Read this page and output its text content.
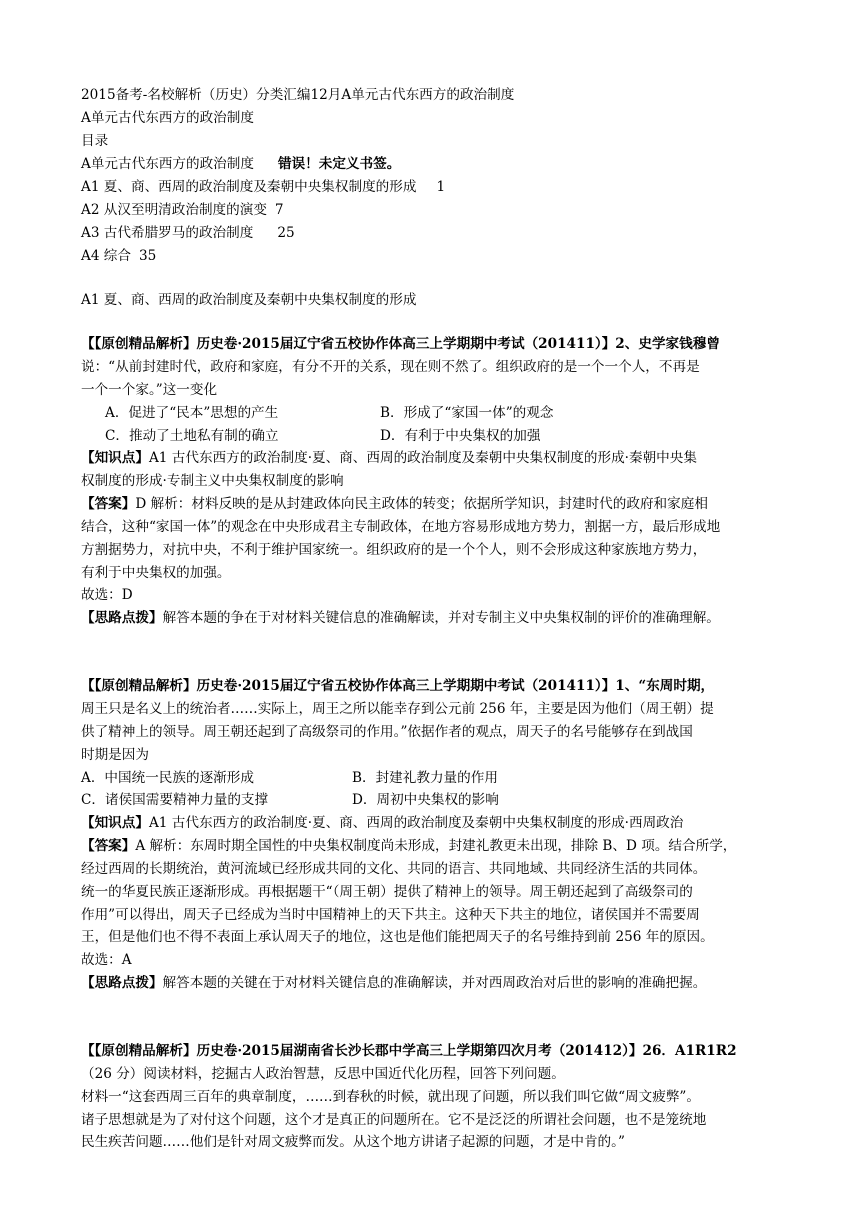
2015备考-名校解析（历史）分类汇编12月A单元古代东西方的政治制度
A单元古代东西方的政治制度
目录
A单元古代东西方的政治制度 错误！未定义书签。
A1 夏、商、西周的政治制度及秦朝中央集权制度的形成 1
A2 从汉至明清政治制度的演变 7
A3 古代希腊罗马的政治制度 25
A4 综合 35
A1 夏、商、西周的政治制度及秦朝中央集权制度的形成
【【原创精品解析】历史卷·2015届辽宁省五校协作体高三上学期期中考试（201411）】2、史学家钱穆曾
说：“从前封建时代，政府和家庭，有分不开的关系，现在则不然了。组织政府的是一个一个人，不再是
一个一个家。”这一变化
A．促进了“民本”思想的产生	B．形成了“家国一体”的观念
C．推动了土地私有制的确立	D．有利于中央集权的加强
【知识点】A1 古代东西方的政治制度·夏、商、西周的政治制度及秦朝中央集权制度的形成·秦朝中央集
权制度的形成·专制主义中央集权制度的影响
【答案】D 解析：材料反映的是从封建政体向民主政体的转变；依据所学知识，封建时代的政府和家庭相
结合，这种“家国一体”的观念在中央形成君主专制政体，在地方容易形成地方势力，割据一方，最后形成地
方割据势力，对抗中央，不利于维护国家统一。组织政府的是一个个人，则不会形成这种家族地方势力，
有利于中央集权的加强。
故选：D
【思路点拨】解答本题的争在于对材料关键信息的准确解读，并对专制主义中央集权制的评价的准确理解。
【【原创精品解析】历史卷·2015届辽宁省五校协作体高三上学期期中考试（201411）】1、“东周时期，
周王只是名义上的统治者……实际上，周王之所以能幸存到公元前 256 年，主要是因为他们（周王朝）提
供了精神上的领导。周王朝还起到了高级祭司的作用。”依据作者的观点，周天子的名号能够存在到战国
时期是因为
A．中国统一民族的逐渐形成	B．封建礼教力量的作用
C．诸侯国需要精神力量的支撑	D．周初中央集权的影响
【知识点】A1 古代东西方的政治制度·夏、商、西周的政治制度及秦朝中央集权制度的形成·西周政治
【答案】A 解析：东周时期全国性的中央集权制度尚未形成，封建礼教更未出现，排除 B、D 项。结合所学，
经过西周的长期统治，黄河流域已经形成共同的文化、共同的语言、共同地域、共同经济生活的共同体。
统一的华夏民族正逐渐形成。再根据题干“（周王朝）提供了精神上的领导。周王朝还起到了高级祭司的
作用”可以得出，周天子已经成为当时中国精神上的天下共主。这种天下共主的地位，诸侯国并不需要周
王，但是他们也不得不表面上承认周天子的地位，这也是他们能把周天子的名号维持到前 256 年的原因。
故选：A
【思路点拨】解答本题的关键在于对材料关键信息的准确解读，并对西周政治对后世的影响的准确把握。
【【原创精品解析】历史卷·2015届湖南省长沙长郡中学高三上学期第四次月考（201412）】26．A1R1R2
（26 分）阅读材料，挖掘古人政治智慧，反思中国近代化历程，回答下列问题。
材料一“这套西周三百年的典章制度，……到春秋的时候，就出现了问题，所以我们叫它做“周文疲弊”。
诸子思想就是为了对付这个问题，这个才是真正的问题所在。它不是泛泛的所谓社会问题，也不是笼统地
民生疾苦问题……他们是针对周文疲弊而发。从这个地方讲诸子起源的问题，才是中肯的。”
